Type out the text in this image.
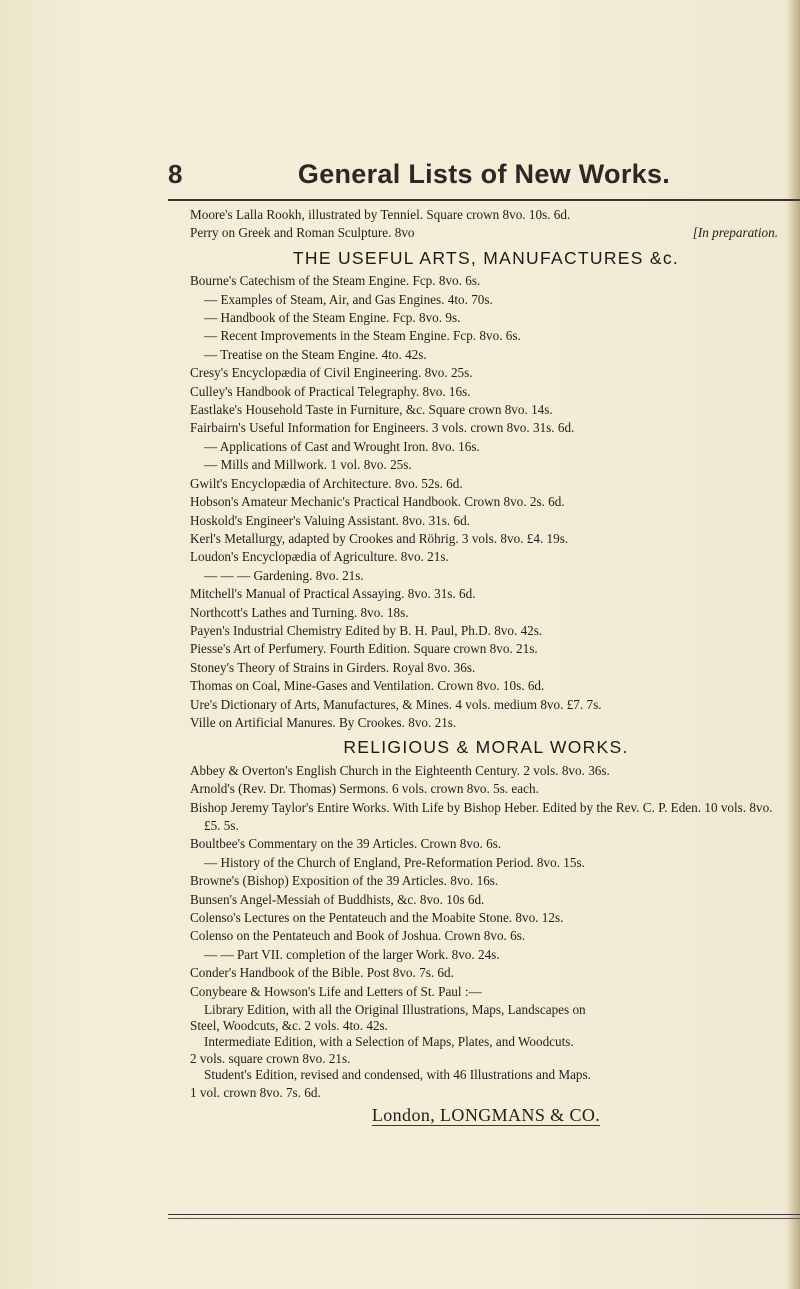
8	General Lists of New Works.
Moore's Lalla Rookh, illustrated by Tenniel. Square crown 8vo. 10s. 6d.
Perry on Greek and Roman Sculpture. 8vo	[In preparation.
THE USEFUL ARTS, MANUFACTURES &c.
Bourne's Catechism of the Steam Engine. Fcp. 8vo. 6s.
— Examples of Steam, Air, and Gas Engines. 4to. 70s.
— Handbook of the Steam Engine. Fcp. 8vo. 9s.
— Recent Improvements in the Steam Engine. Fcp. 8vo. 6s.
— Treatise on the Steam Engine. 4to. 42s.
Cresy's Encyclopædia of Civil Engineering. 8vo. 25s.
Culley's Handbook of Practical Telegraphy. 8vo. 16s.
Eastlake's Household Taste in Furniture, &c. Square crown 8vo. 14s.
Fairbairn's Useful Information for Engineers. 3 vols. crown 8vo. 31s. 6d.
— Applications of Cast and Wrought Iron. 8vo. 16s.
— Mills and Millwork. 1 vol. 8vo. 25s.
Gwilt's Encyclopædia of Architecture. 8vo. 52s. 6d.
Hobson's Amateur Mechanic's Practical Handbook. Crown 8vo. 2s. 6d.
Hoskold's Engineer's Valuing Assistant. 8vo. 31s. 6d.
Kerl's Metallurgy, adapted by Crookes and Röhrig. 3 vols. 8vo. £4. 19s.
Loudon's Encyclopædia of Agriculture. 8vo. 21s.
— — — Gardening. 8vo. 21s.
Mitchell's Manual of Practical Assaying. 8vo. 31s. 6d.
Northcott's Lathes and Turning. 8vo. 18s.
Payen's Industrial Chemistry Edited by B. H. Paul, Ph.D. 8vo. 42s.
Piesse's Art of Perfumery. Fourth Edition. Square crown 8vo. 21s.
Stoney's Theory of Strains in Girders. Royal 8vo. 36s.
Thomas on Coal, Mine-Gases and Ventilation. Crown 8vo. 10s. 6d.
Ure's Dictionary of Arts, Manufactures, & Mines. 4 vols. medium 8vo. £7. 7s.
Ville on Artificial Manures. By Crookes. 8vo. 21s.
RELIGIOUS & MORAL WORKS.
Abbey & Overton's English Church in the Eighteenth Century. 2 vols. 8vo. 36s.
Arnold's (Rev. Dr. Thomas) Sermons. 6 vols. crown 8vo. 5s. each.
Bishop Jeremy Taylor's Entire Works. With Life by Bishop Heber. Edited by the Rev. C. P. Eden. 10 vols. 8vo. £5. 5s.
Boultbee's Commentary on the 39 Articles. Crown 8vo. 6s.
— History of the Church of England, Pre-Reformation Period. 8vo. 15s.
Browne's (Bishop) Exposition of the 39 Articles. 8vo. 16s.
Bunsen's Angel-Messiah of Buddhists, &c. 8vo. 10s 6d.
Colenso's Lectures on the Pentateuch and the Moabite Stone. 8vo. 12s.
Colenso on the Pentateuch and Book of Joshua. Crown 8vo. 6s.
— — Part VII. completion of the larger Work. 8vo. 24s.
Conder's Handbook of the Bible. Post 8vo. 7s. 6d.
Conybeare & Howson's Life and Letters of St. Paul :—
Library Edition, with all the Original Illustrations, Maps, Landscapes on
Steel, Woodcuts, &c. 2 vols. 4to. 42s.
Intermediate Edition, with a Selection of Maps, Plates, and Woodcuts.
2 vols. square crown 8vo. 21s.
Student's Edition, revised and condensed, with 46 Illustrations and Maps.
1 vol. crown 8vo. 7s. 6d.
London, LONGMANS & CO.
